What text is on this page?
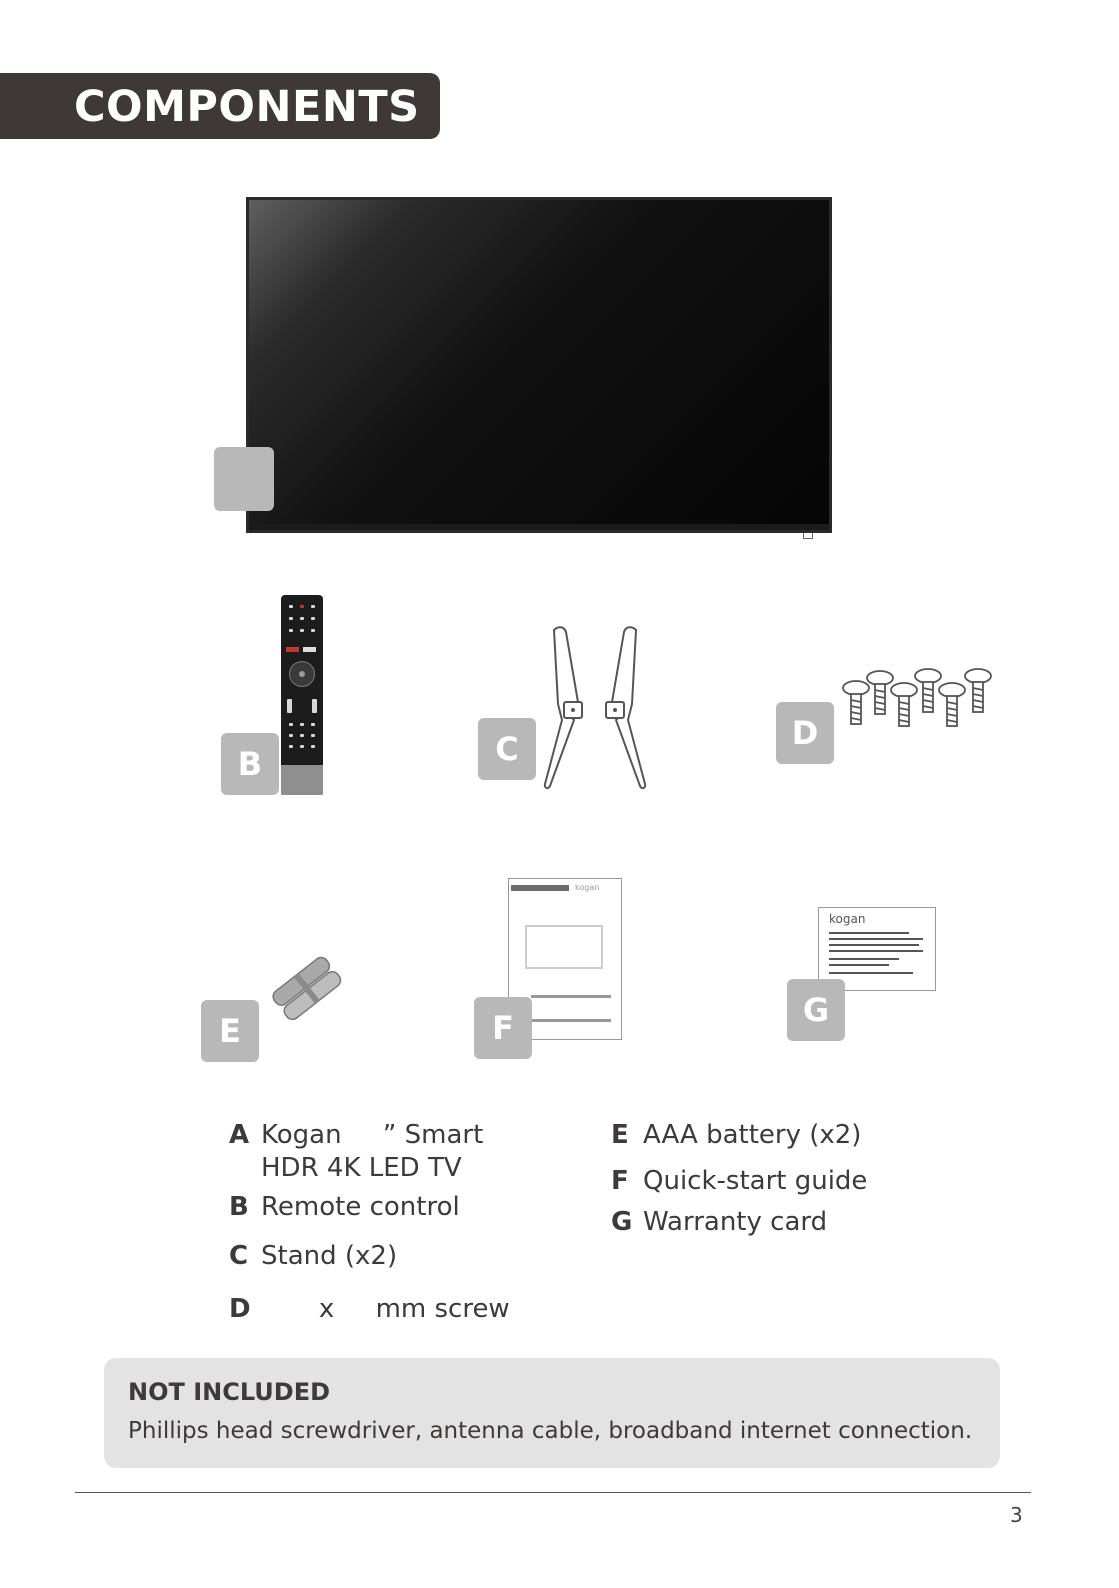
COMPONENTS
B	C	D
E
kogan
F
kogan
G
A Kogan     ” Smart
HDR 4K LED TV
B Remote control
C Stand (x2)
D       x     mm screw
E AAA battery (x2)
F Quick-start guide
G Warranty card
NOT INCLUDED
Phillips head screwdriver, antenna cable, broadband internet connection.
3
